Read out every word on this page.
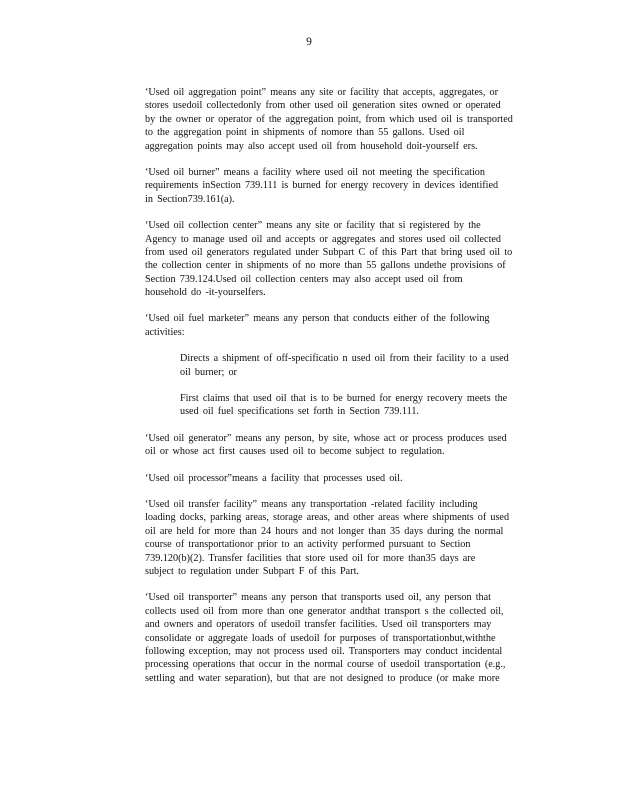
9
‘Used oil aggregation point” means any site or facility that accepts, aggregates, or
stores usedoil collectedonly from other used oil generation sites owned or operated
by the owner or operator of the aggregation point, from which used oil is transported
to the aggregation point in shipments of nomore than 55 gallons. Used oil
aggregation points may also accept used oil from household doit-yourself ers.
‘Used oil burner” means a facility where used oil not meeting the specification
requirements inSection 739.111 is burned for energy recovery in devices identified
in Section739.161(a).
‘Used oil collection center” means any site or facility that si registered by the
Agency to manage used oil and accepts or aggregates and stores used oil collected
from used oil generators regulated under Subpart C of this Part that bring used oil to
the collection center in shipments of no more than 55 gallons undethe provisions of
Section 739.124.Used oil collection centers may also accept used oil from
household do -it-yourselfers.
‘Used oil fuel marketer” means any person that conducts either of the following
activities:
Directs a shipment of off-specificatio n used oil from their facility to a used
oil burner; or
First claims that used oil that is to be burned for energy recovery meets the
used oil fuel specifications set forth in Section 739.111.
‘Used oil generator” means any person, by site, whose act or process produces used
oil or whose act first causes used oil to become subject to regulation.
‘Used oil processor”means a facility that processes used oil.
‘Used oil transfer facility” means any transportation -related facility including
loading docks, parking areas, storage areas, and other areas where shipments of used
oil are held for more than 24 hours and not longer than 35 days during the normal
course of transportationor prior to an activity performed pursuant to Section
739.120(b)(2). Transfer facilities that store used oil for more than35 days are
subject to regulation under Subpart F of this Part.
‘Used oil transporter” means any person that transports used oil, any person that
collects used oil from more than one generator andthat transport s the collected oil,
and owners and operators of usedoil transfer facilities. Used oil transporters may
consolidate or aggregate loads of usedoil for purposes of transportationbut,withthe
following exception, may not process used oil. Transporters may conduct incidental
processing operations that occur in the normal course of usedoil transportation (e.g.,
settling and water separation), but that are not designed to produce (or make more
